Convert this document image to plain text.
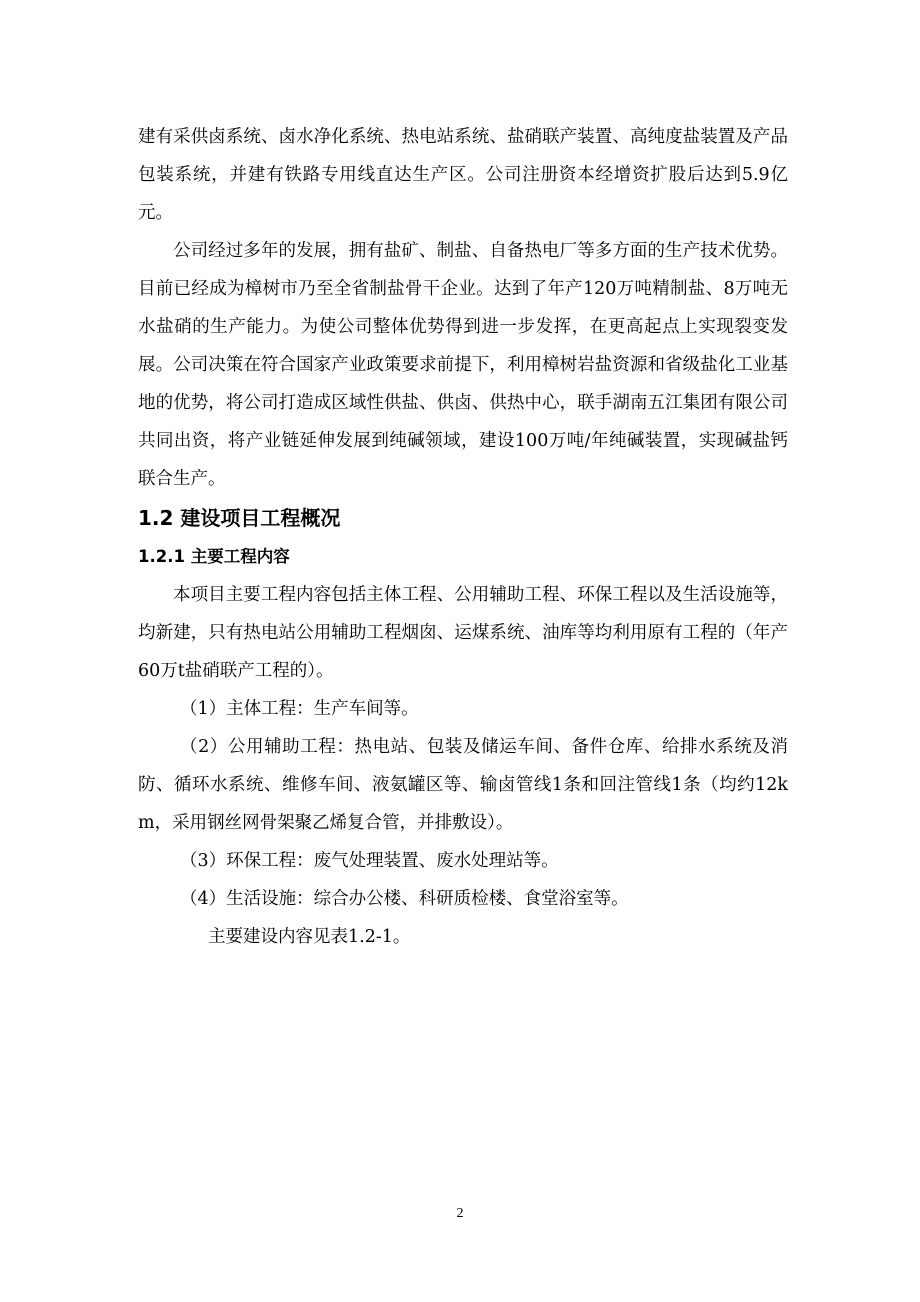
建有采供卤系统、卤水净化系统、热电站系统、盐硝联产装置、高纯度盐装置及产品包装系统，并建有铁路专用线直达生产区。公司注册资本经增资扩股后达到5.9亿元。

公司经过多年的发展，拥有盐矿、制盐、自备热电厂等多方面的生产技术优势。目前已经成为樟树市乃至全省制盐骨干企业。达到了年产120万吨精制盐、8万吨无水盐硝的生产能力。为使公司整体优势得到进一步发挥，在更高起点上实现裂变发展。公司决策在符合国家产业政策要求前提下，利用樟树岩盐资源和省级盐化工业基地的优势，将公司打造成区域性供盐、供卤、供热中心，联手湖南五江集团有限公司共同出资，将产业链延伸发展到纯碱领域，建设100万吨/年纯碱装置，实现碱盐钙联合生产。

1.2 建设项目工程概况
1.2.1 主要工程内容

本项目主要工程内容包括主体工程、公用辅助工程、环保工程以及生活设施等，均新建，只有热电站公用辅助工程烟囱、运煤系统、油库等均利用原有工程的（年产60万t盐硝联产工程的）。

（1）主体工程：生产车间等。

（2）公用辅助工程：热电站、包装及储运车间、备件仓库、给排水系统及消防、循环水系统、维修车间、液氨罐区等、输卤管线1条和回注管线1条（均约12km，采用钢丝网骨架聚乙烯复合管，并排敷设）。

（3）环保工程：废气处理装置、废水处理站等。

（4）生活设施：综合办公楼、科研质检楼、食堂浴室等。

主要建设内容见表1.2-1。

2
